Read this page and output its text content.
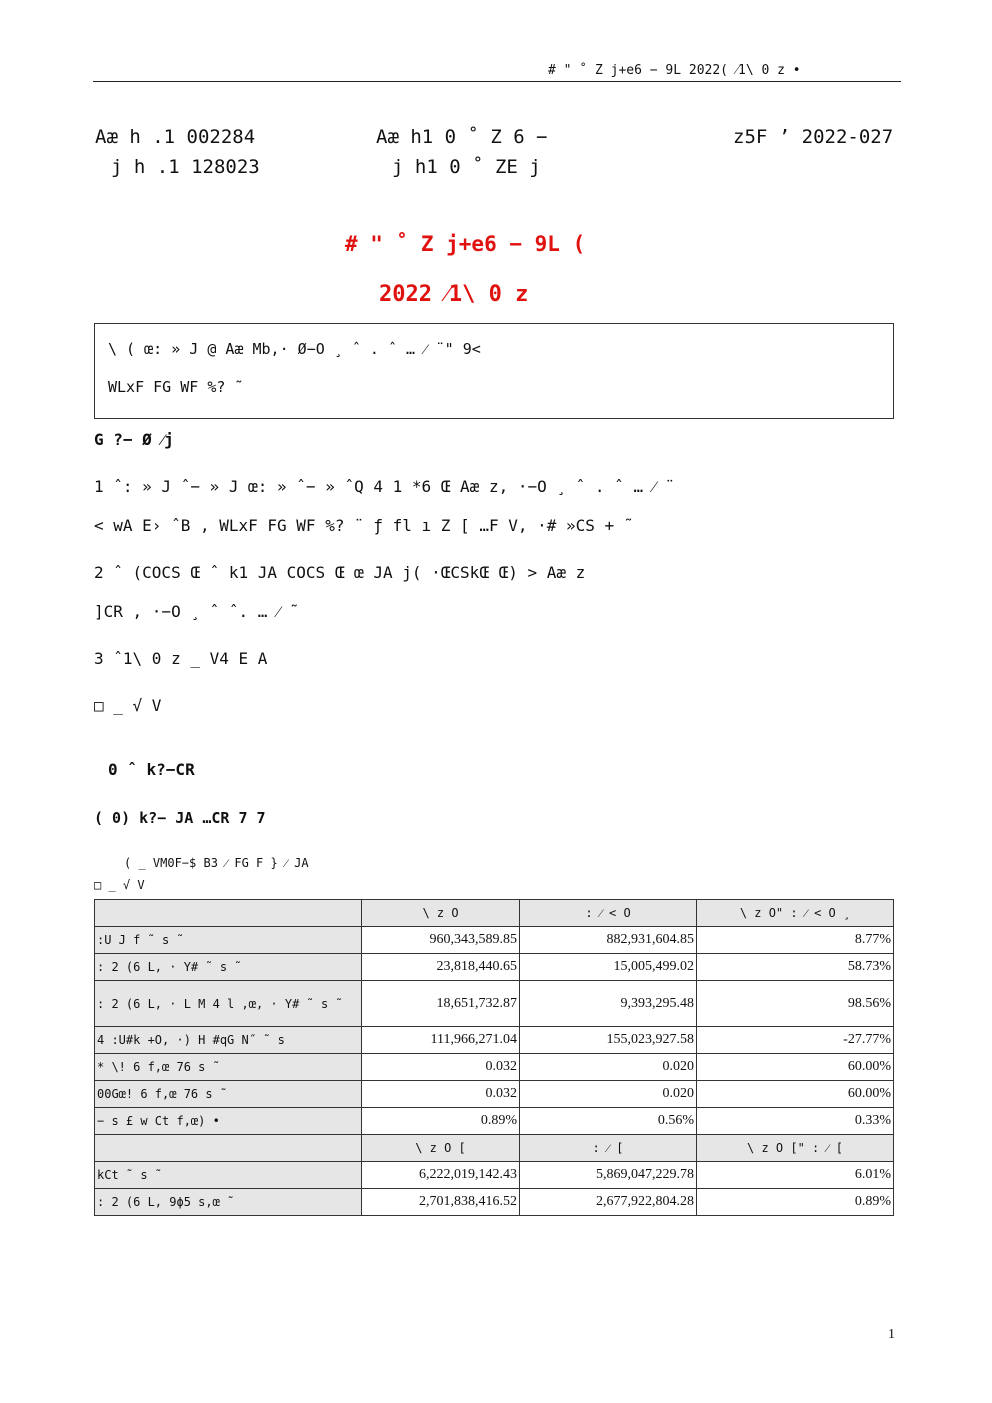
# " ˚ Z j+e6 − 9L 2022( ⁄1\ 0 z •
Aæ h .1 002284	Aæ h1 0 ˚ Z 6 −	z5F ’ 2022-027
j h .1 128023	j h1 0 ˚ ZE j
# " ˚ Z j+e6 − 9L (
2022 ⁄1\ 0 z
\ ( œ: » J @ Aæ Mb,· Ø−O ¸ ˆ . ˆ … ⁄ ¨" 9<
WLxF FG WF %? ˜
G ?− Ø ⁄j
1 ˆ: » J ˆ− » J œ: » ˆ− » ˆQ 4 1 *6 Œ Aæ z, ·−O ¸ ˆ . ˆ … ⁄ ¨
< wA E› ˆB , WLxF FG WF %? ¨ ƒ fl ı Z [ …F V, ·# »CS + ˜
2 ˆ (COCS Œ ˆ k1 JA COCS Œ œ JA j( ·ŒCSkŒ Œ) > Aæ z
]CR , ·−O ¸ ˆ ˆ. … ⁄ ˜
3 ˆ1\ 0 z _ V4 E A
□ _ √ V
0 ˆ k?−CR
( 0) k?− JA …CR 7 7
( _ VM0F−$ B3 ⁄ FG F } ⁄ JA
□ _ √ V
	\ z O	: ⁄ < O	\ z O" : ⁄ < O ¸
:U J f ˜ s ˜	960,343,589.85	882,931,604.85	8.77%
: 2 (6 L, · Y# ˜ s ˜	23,818,440.65	15,005,499.02	58.73%
: 2 (6 L, · L M 4 l ,œ, · Y# ˜ s ˜	18,651,732.87	9,393,295.48	98.56%
4 :U#k +O, ·) H #qG N˝ ˜ s	111,966,271.04	155,023,927.58	-27.77%
* \! 6 f,œ 76 s ˜	0.032	0.020	60.00%
00Gœ! 6 f,œ 76 s ˜	0.032	0.020	60.00%
− s £ w Ct f,œ) •	0.89%	0.56%	0.33%
	\ z O [	: ⁄ [	\ z O [" : ⁄ [
kCt ˜ s ˜	6,222,019,142.43	5,869,047,229.78	6.01%
: 2 (6 L, 9ϕ5 s,œ ˜	2,701,838,416.52	2,677,922,804.28	0.89%
1
